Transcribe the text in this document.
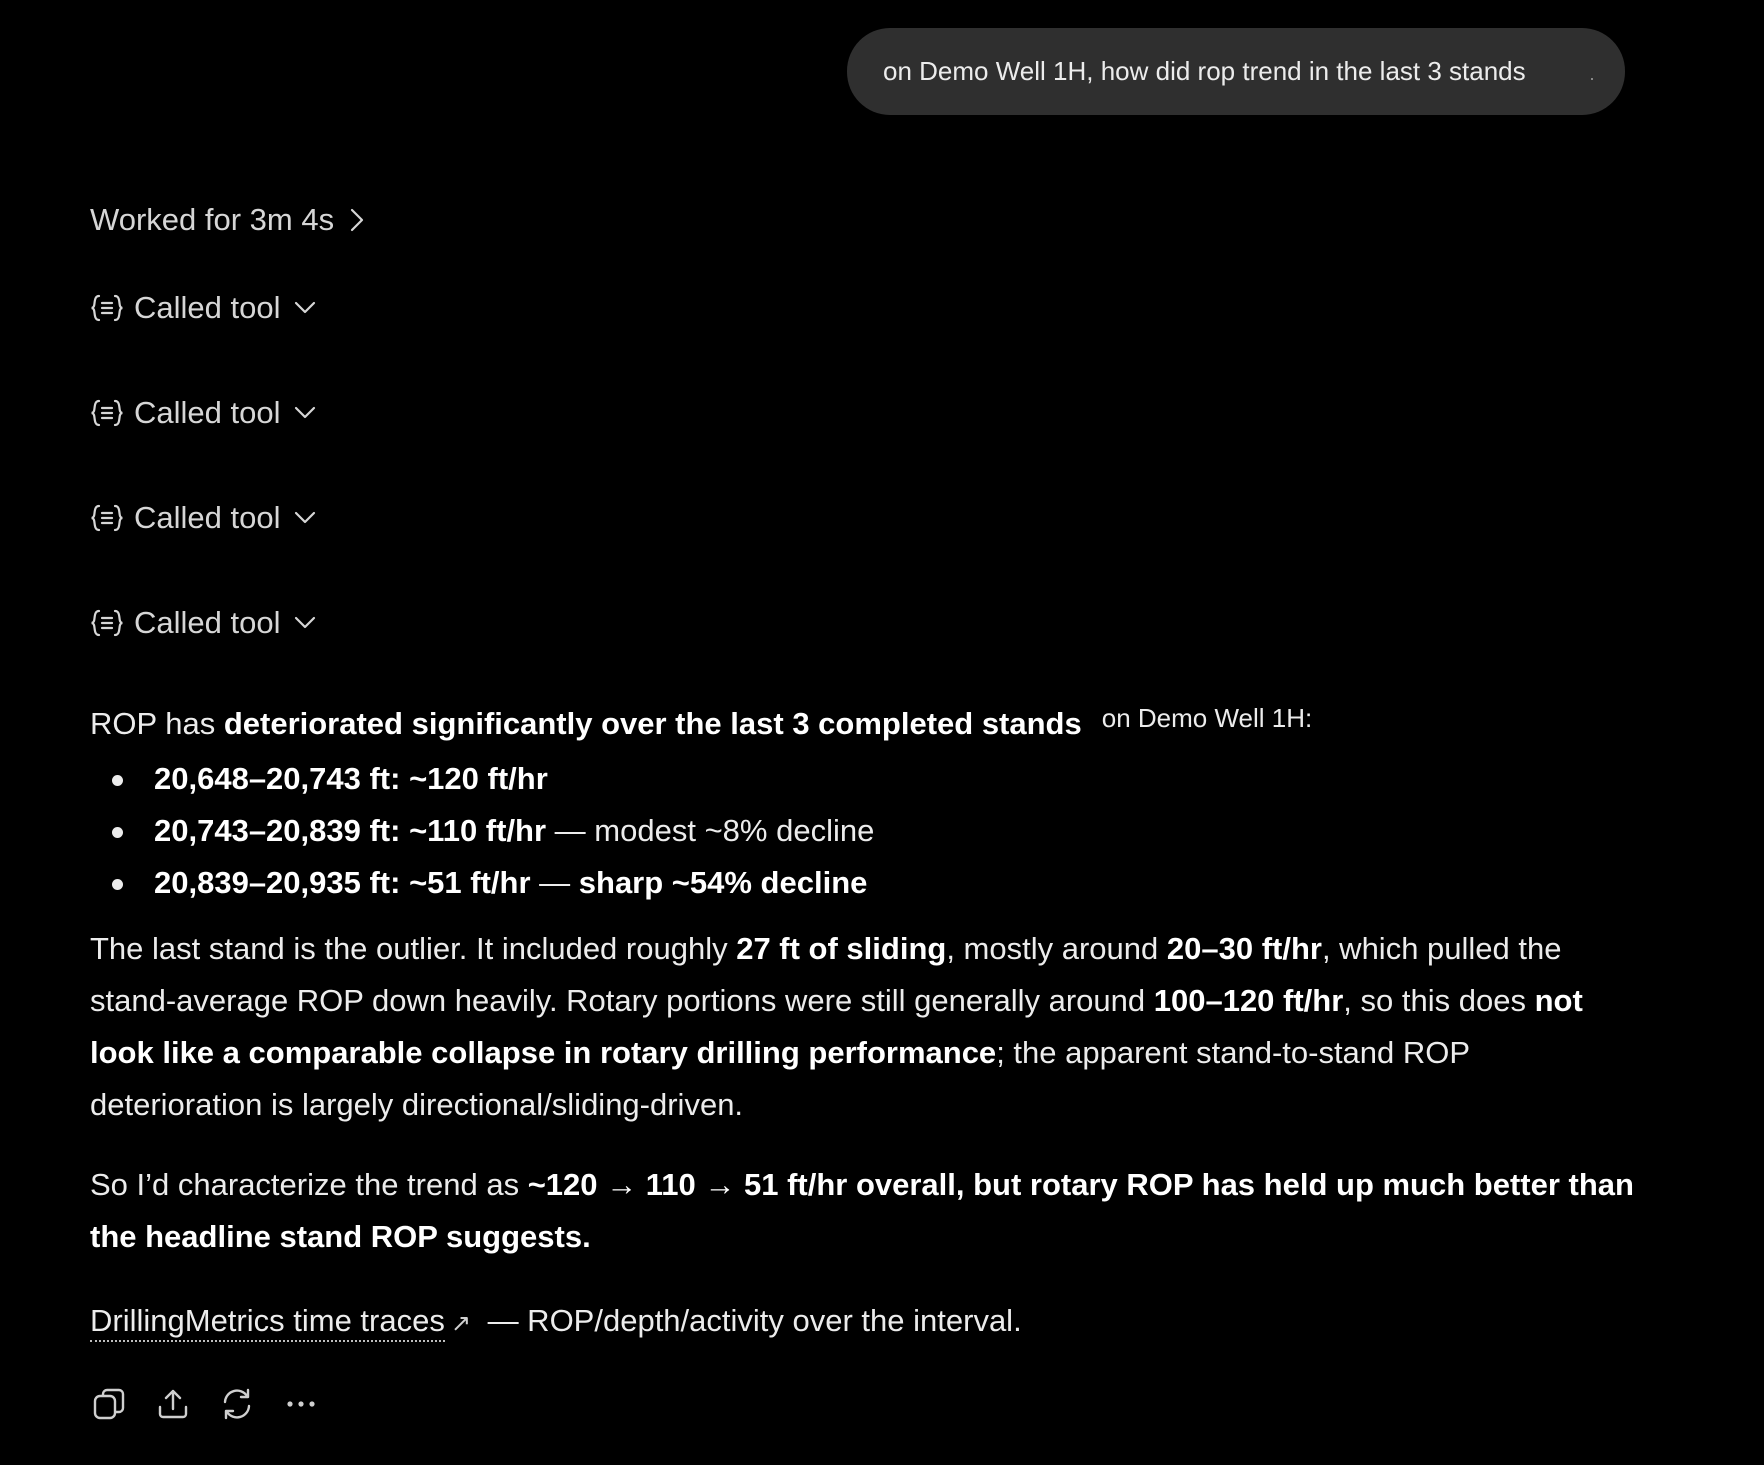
on Demo Well 1H, how did rop trend in the last 3 stands
Worked for 3m 4s
Called tool
Called tool
Called tool
Called tool

ROP has deteriorated significantly over the last 3 completed stands on Demo Well 1H:

20,648–20,743 ft: ~120 ft/hr
20,743–20,839 ft: ~110 ft/hr — modest ~8% decline
20,839–20,935 ft: ~51 ft/hr — sharp ~54% decline

The last stand is the outlier. It included roughly 27 ft of sliding, mostly around 20–30 ft/hr, which pulled the stand-average ROP down heavily. Rotary portions were still generally around 100–120 ft/hr, so this does not look like a comparable collapse in rotary drilling performance; the apparent stand-to-stand ROP deterioration is largely directional/sliding-driven.

So I’d characterize the trend as ~120 → 110 → 51 ft/hr overall, but rotary ROP has held up much better than the headline stand ROP suggests.

DrillingMetrics time traces ↗ — ROP/depth/activity over the interval.
